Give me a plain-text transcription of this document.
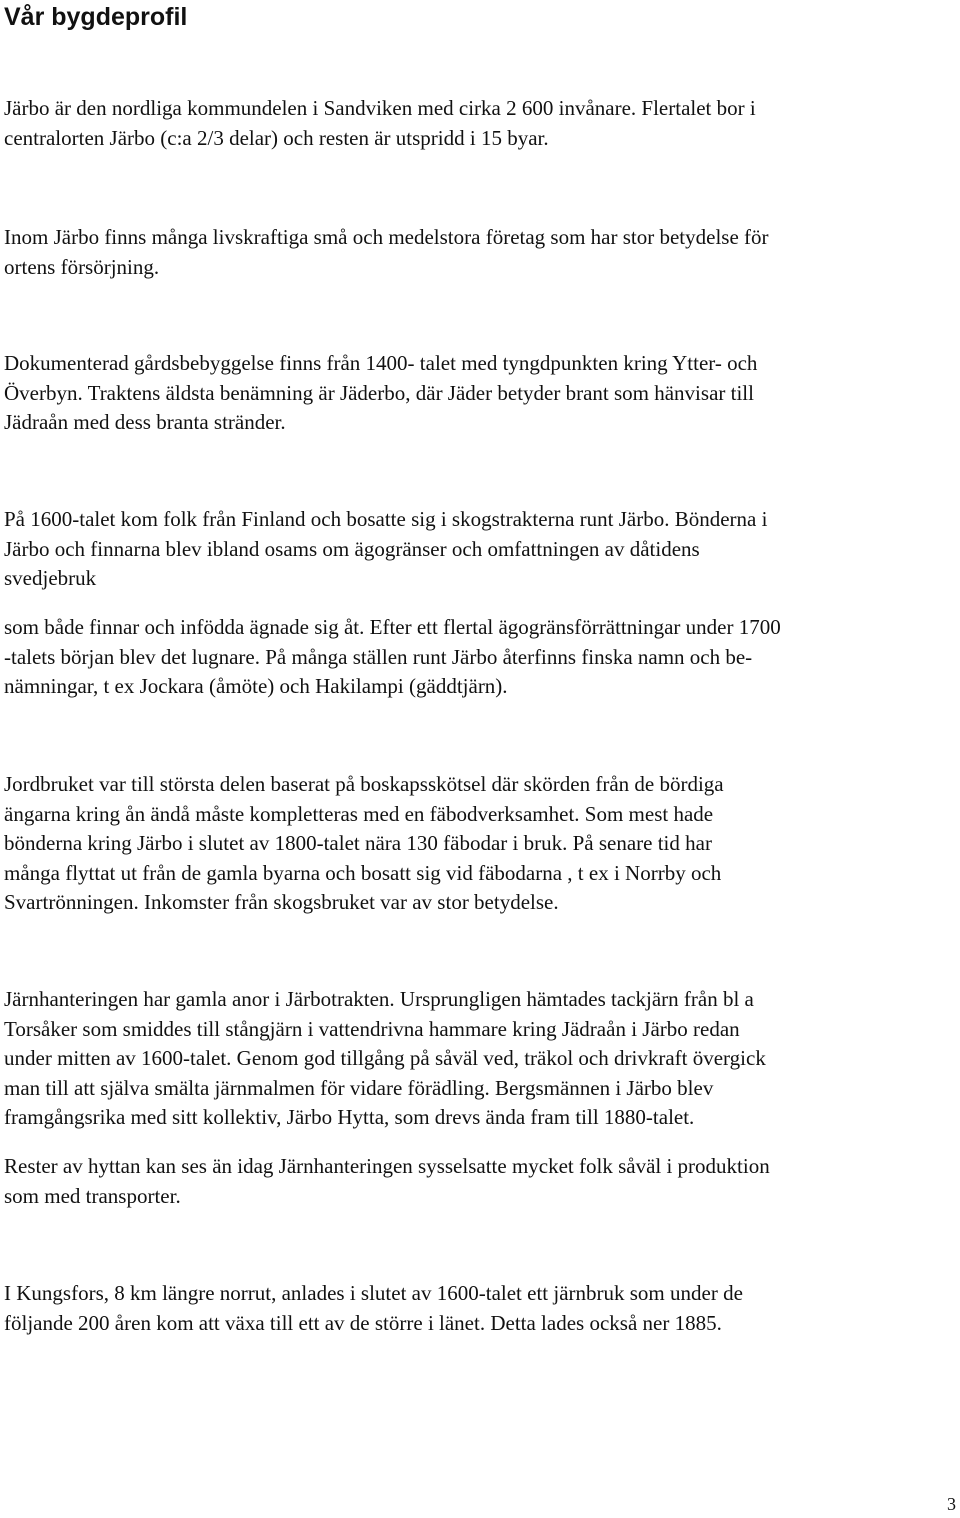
Vår bygdeprofil

Järbo är den nordliga kommundelen i Sandviken med cirka 2 600 invånare. Flertalet bor i
centralorten Järbo (c:a 2/3 delar) och resten är utspridd i 15 byar.

Inom Järbo finns många livskraftiga små och medelstora företag som har stor betydelse för
ortens försörjning.

Dokumenterad gårdsbebyggelse finns från 1400- talet med tyngdpunkten kring Ytter- och
Överbyn. Traktens äldsta benämning är Jäderbo, där Jäder betyder brant som hänvisar till
Jädraån med dess branta stränder.

På 1600-talet kom folk från Finland och bosatte sig i skogstrakterna runt Järbo. Bönderna i
Järbo och finnarna blev ibland osams om ägogränser och omfattningen av dåtidens
svedjebruk

som både finnar och infödda ägnade sig åt. Efter ett flertal ägogränsförrättningar under 1700
-talets början blev det lugnare. På många ställen runt Järbo återfinns finska namn och be-
nämningar, t ex Jockara (åmöte) och Hakilampi (gäddtjärn).

Jordbruket var till största delen baserat på boskapsskötsel där skörden från de bördiga
ängarna kring ån ändå måste kompletteras med en fäbodverksamhet. Som mest hade
bönderna kring Järbo i slutet av 1800-talet nära 130 fäbodar i bruk. På senare tid har
många flyttat ut från de gamla byarna och bosatt sig vid fäbodarna , t ex i Norrby och
Svartrönningen. Inkomster från skogsbruket var av stor betydelse.

Järnhanteringen har gamla anor i Järbotrakten. Ursprungligen hämtades tackjärn från bl a
Torsåker som smiddes till stångjärn i vattendrivna hammare kring Jädraån i Järbo redan
under mitten av 1600-talet. Genom god tillgång på såväl ved, träkol och drivkraft övergick
man till att själva smälta järnmalmen för vidare förädling. Bergsmännen i Järbo blev
framgångsrika med sitt kollektiv, Järbo Hytta, som drevs ända fram till 1880-talet.

Rester av hyttan kan ses än idag Järnhanteringen sysselsatte mycket folk såväl i produktion
som med transporter.

I Kungsfors, 8 km längre norrut, anlades i slutet av 1600-talet ett järnbruk som under de
följande 200 åren kom att växa till ett av de större i länet. Detta lades också ner 1885.

3
